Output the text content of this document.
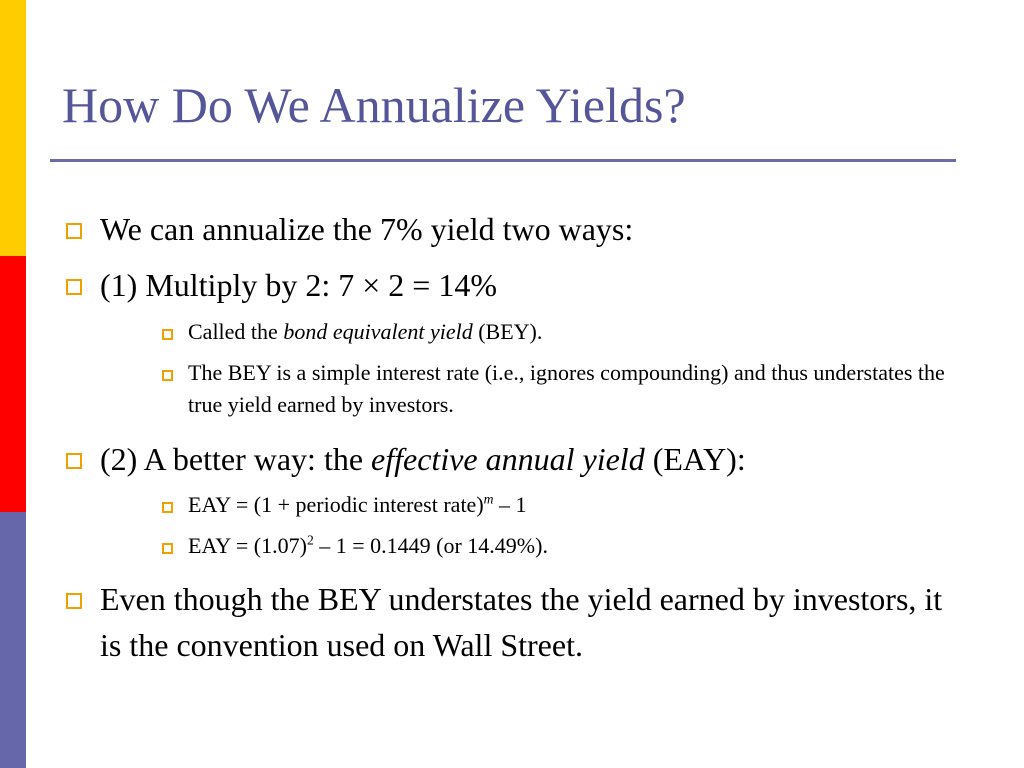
How Do We Annualize Yields?
We can annualize the 7% yield two ways:
(1) Multiply by 2: 7 × 2 = 14%
Called the bond equivalent yield (BEY).
The BEY is a simple interest rate (i.e., ignores compounding) and thus understates the true yield earned by investors.
(2) A better way: the effective annual yield (EAY):
EAY = (1 + periodic interest rate)$^m$ – 1
EAY = $(1.07)^2 - 1 = 0.1449$ (or 14.49%).
Even though the BEY understates the yield earned by investors, it is the convention used on Wall Street.
